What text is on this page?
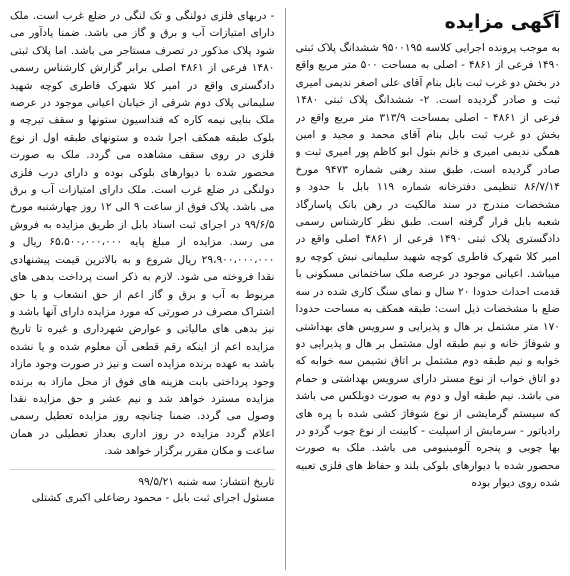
آگهی مزایده

به موجب پرونده اجرایی کلاسه ۹۵۰۰۱۹۵ ششدانگ پلاک ثبتی ۱۴۹۰ فرعی از ۴۸۶۱ - اصلی به مساحت ۵۰۰ متر مربع واقع در بخش دو غرب ثبت بابل بنام آقای علی اصغر ندیمی امیری ثبت و صادر گردیده است. ۲- ششدانگ پلاک ثبتی ۱۴۸۰ فرعی از ۴۸۶۱ - اصلی بمساحت ۳۱۳/۹ متر مربع واقع در بخش دو غرب ثبت بابل بنام آقای محمد و مجید و امین همگی ندیمی امیری و خانم بتول ابو کاظم پور امیری ثبت و صادر گردیده است. طبق سند رهنی شماره ۹۴۷۳ مورخ ۸۶/۷/۱۴ تنظیمی دفترخانه شماره ۱۱۹ بابل با حدود و مشخصات مندرج در سند مالکیت در رهن بانک پاسارگاد شعبه بابل قرار گرفته است. طبق نظر کارشناس رسمی دادگستری پلاک ثبتی ۱۴۹۰ فرعی از ۴۸۶۱ اصلی واقع در امیر کلا شهرک فاطری کوچه شهید سلیمانی نبش کوچه رو میباشد. اعیانی موجود در عرصه ملک ساختمانی مسکونی با قدمت احداث حدودا ۲۰ سال و نمای سنگ کاری شده در سه ضلع با مشخصات ذیل است: طبقه همکف به مساحت حدودا ۱۷۰ متر مشتمل بر هال و پذیرایی و سرویس های بهداشتی و شوفاژ خانه و نیم طبقه اول مشتمل بر هال و پذیرایی دو خوابه و نیم طبقه دوم مشتمل بر اتاق نشیمن سه خوابه که دو اتاق خواب از نوع مستر دارای سرویس بهداشتی و حمام می باشد. نیم طبقه اول و دوم به صورت دوبلکس می باشد که سیستم گرمایشی از نوع شوفاژ کشی شده با پره های رادیاتور - سرمایش از اسپلیت - کابینت از نوع چوب گردو در بها چوبی و پنجره آلومینیومی می باشد. ملک به صورت محصور شده با دیوارهای بلوکی بلند و حفاظ های فلزی تعبیه شده روی دیوار بوده

- دربهای فلزی دولنگی و تک لنگی در ضلع غرب است. ملک دارای امتیازات آب و برق و گاز می باشد. ضمنا یادآور می شود پلاک مذکور در تصرف مستاجر می باشد. اما پلاک ثبتی ۱۴۸۰ فرعی از ۴۸۶۱ اصلی برابر گزارش کارشناس رسمی دادگستری واقع در امیر کلا شهرک فاطری کوچه شهید سلیمانی پلاک دوم شرقی از خیابان اعیانی موجود در عرصه ملک بنایی نیمه کاره که فنداسیون ستونها و سقف تیرچه و بلوک طبقه همکف اجرا شده و ستونهای طبقه اول از نوع فلزی در روی سقف مشاهده می گردد. ملک به صورت محصور شده با دیوارهای بلوکی بوده و دارای درب فلزی دولنگی در ضلع غرب است. ملک دارای امتیازات آب و برق می باشد. پلاک فوق از ساعت ۹ الی ۱۲ روز چهارشنبه مورخ ۹۹/۶/۵ در اجرای ثبت اسناد بابل از طریق مزایده به فروش می رسد. مزایده از مبلغ پایه ۶۵،۵۰۰،۰۰۰،۰۰۰ ریال و ۲۹،۹۰۰،۰۰۰،۰۰۰ ریال شروع و به بالاترین قیمت پیشنهادی نقدا فروخته می شود. لازم به ذکر است پرداخت بدهی های مربوط به آب و برق و گاز اعم از حق انشعاب و یا حق اشتراک مصرف در صورتی که مورد مزایده دارای آنها باشد و نیز بدهی های مالیاتی و عوارض شهرداری و غیره تا تاریخ مزایده اعم از اینکه رقم قطعی آن معلوم شده و یا نشده باشد به عهده برنده مزایده است و نیز در صورت وجود مازاد وجود پرداختی بابت هزینه های فوق از محل مازاد به برنده مزایده مسترد خواهد شد و نیم عشر و حق مزایده نقدا وصول می گردد. ضمنا چنانچه روز مزایده تعطیل رسمی اعلام گردد مزایده در روز اداری بعداز تعطیلی در همان ساعت و مکان مقرر برگزار خواهد شد.

تاریخ انتشار: سه شنبه ۹۹/۵/۲۱
مسئول اجرای ثبت بابل - محمود رضاعلی اکبری کشتلی
